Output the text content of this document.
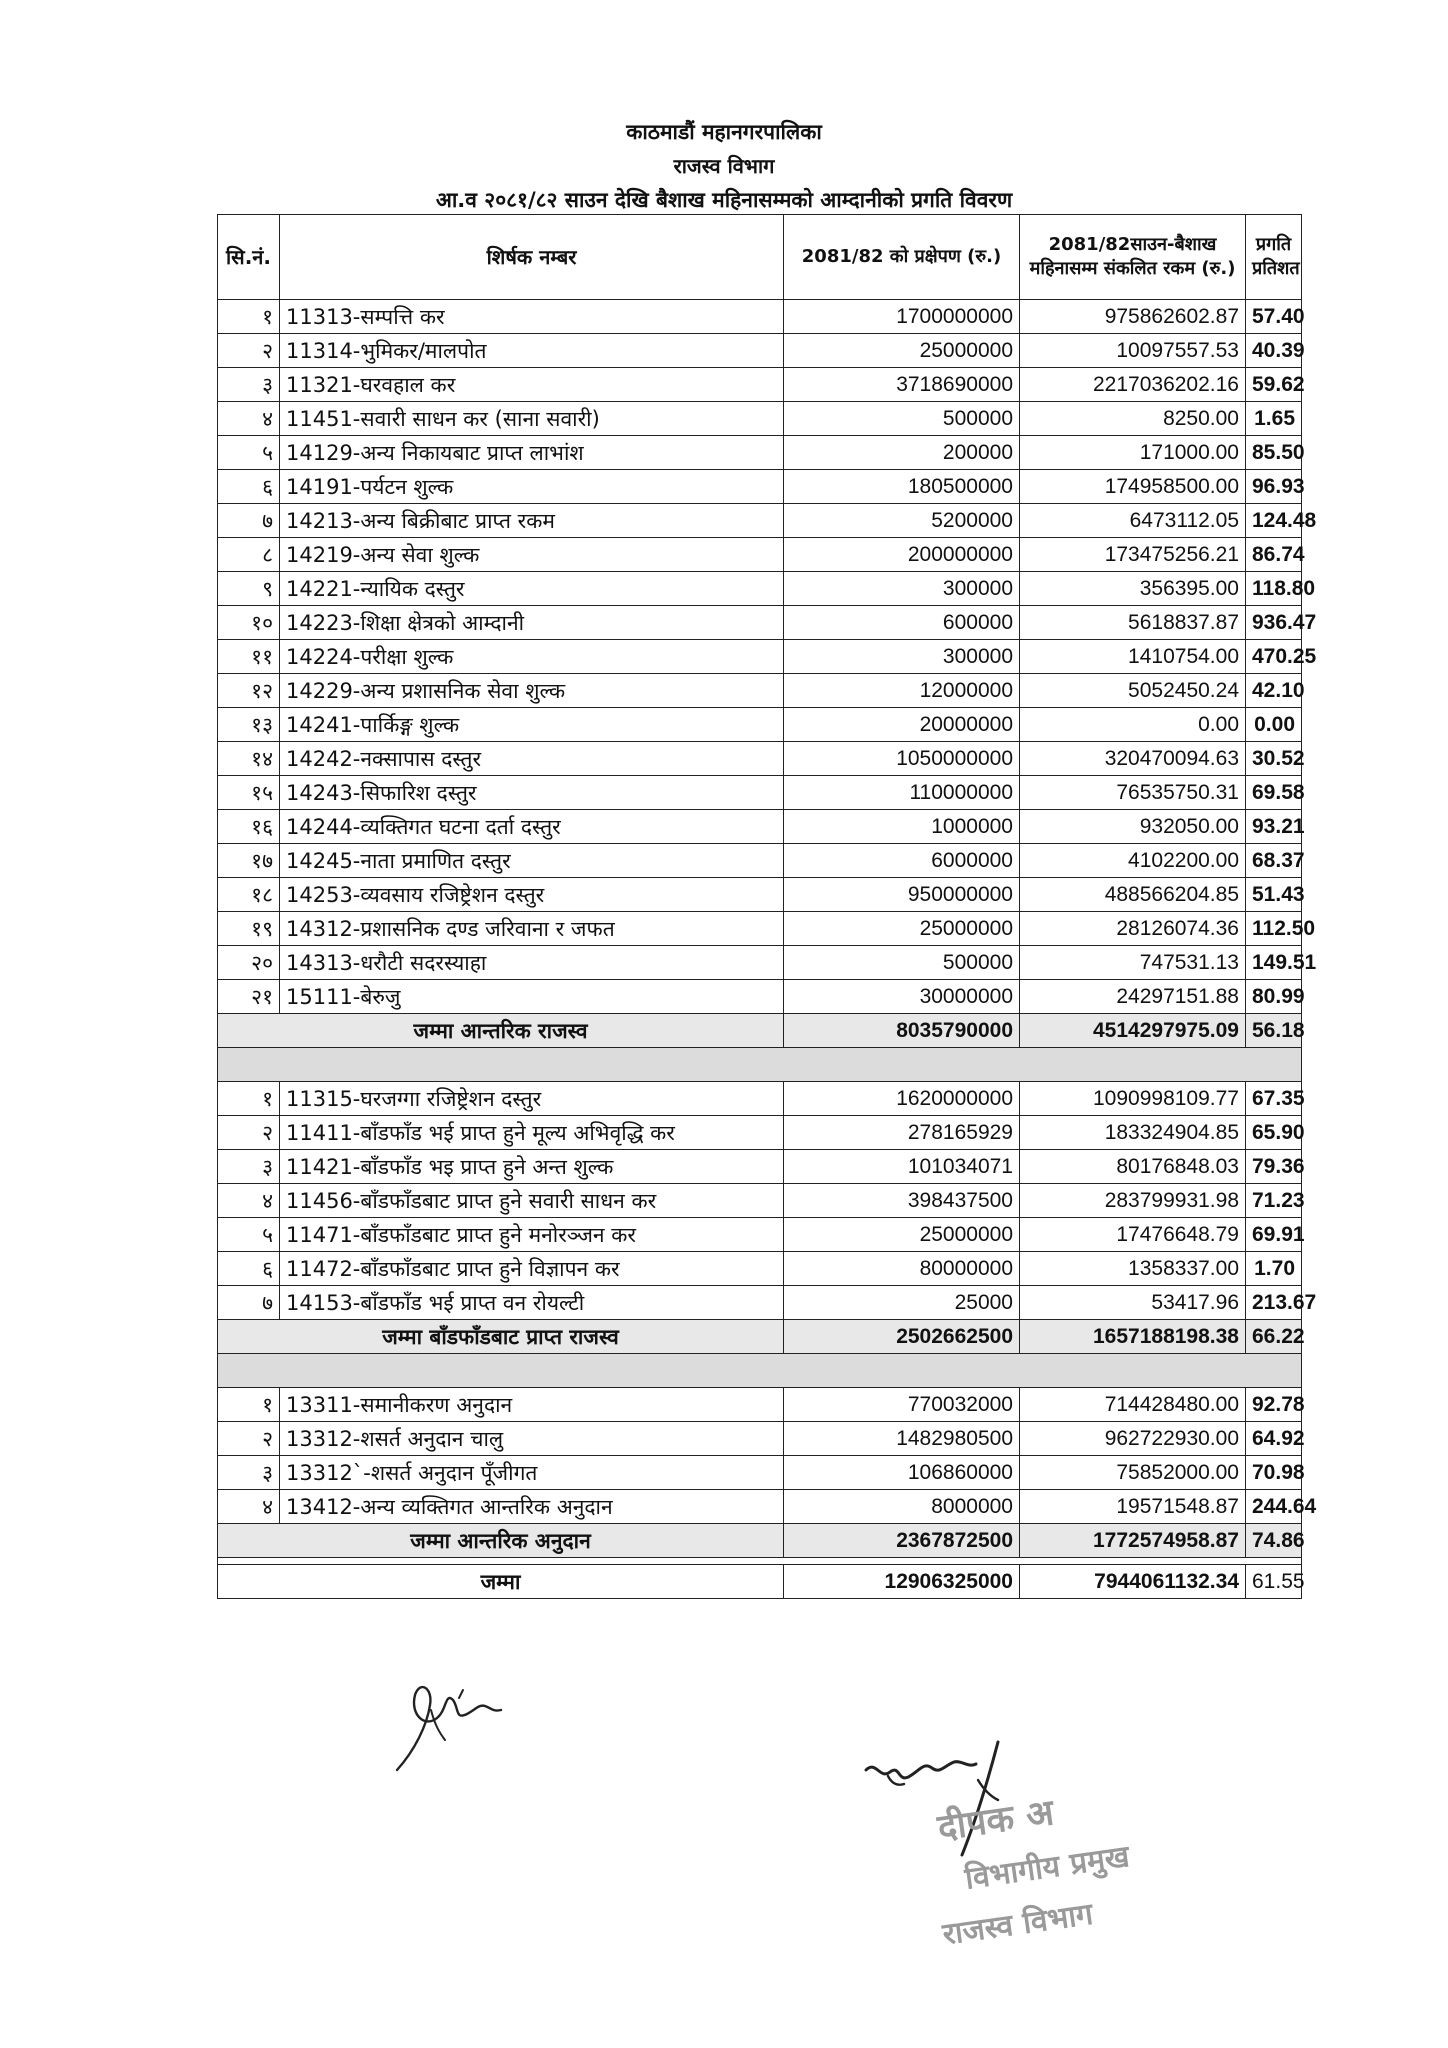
काठमाडौं महानगरपालिका
राजस्व विभाग
आ.व २०८१/८२ साउन देखि बैशाख महिनासम्मको आम्दानीको प्रगति विवरण
सि.नं.	शिर्षक नम्बर	2081/82 को प्रक्षेपण (रु.)	2081/82साउन-बैशाख महिनासम्म संकलित रकम (रु.)	प्रगति प्रतिशत
१	11313-सम्पत्ति कर	1700000000	975862602.87	57.40
२	11314-भुमिकर/मालपोत	25000000	10097557.53	40.39
३	11321-घरवहाल कर	3718690000	2217036202.16	59.62
४	11451-सवारी साधन कर (साना सवारी)	500000	8250.00	1.65
५	14129-अन्य निकायबाट प्राप्त लाभांश	200000	171000.00	85.50
६	14191-पर्यटन शुल्क	180500000	174958500.00	96.93
७	14213-अन्य बिक्रीबाट प्राप्त रकम	5200000	6473112.05	124.48
८	14219-अन्य सेवा शुल्क	200000000	173475256.21	86.74
९	14221-न्यायिक दस्तुर	300000	356395.00	118.80
१०	14223-शिक्षा क्षेत्रको आम्दानी	600000	5618837.87	936.47
११	14224-परीक्षा शुल्क	300000	1410754.00	470.25
१२	14229-अन्य प्रशासनिक सेवा शुल्क	12000000	5052450.24	42.10
१३	14241-पार्किङ्ग शुल्क	20000000	0.00	0.00
१४	14242-नक्सापास दस्तुर	1050000000	320470094.63	30.52
१५	14243-सिफारिश दस्तुर	110000000	76535750.31	69.58
१६	14244-व्यक्तिगत घटना दर्ता दस्तुर	1000000	932050.00	93.21
१७	14245-नाता प्रमाणित दस्तुर	6000000	4102200.00	68.37
१८	14253-व्यवसाय रजिष्ट्रेशन दस्तुर	950000000	488566204.85	51.43
१९	14312-प्रशासनिक दण्ड जरिवाना र जफत	25000000	28126074.36	112.50
२०	14313-धरौटी सदरस्याहा	500000	747531.13	149.51
२१	15111-बेरुजु	30000000	24297151.88	80.99
जम्मा आन्तरिक राजस्व		8035790000	4514297975.09	56.18

१	11315-घरजग्गा रजिष्ट्रेशन दस्तुर	1620000000	1090998109.77	67.35
२	11411-बाँडफाँड भई प्राप्त हुने मूल्य अभिवृद्धि कर	278165929	183324904.85	65.90
३	11421-बाँडफाँड भइ प्राप्त हुने अन्त शुल्क	101034071	80176848.03	79.36
४	11456-बाँडफाँडबाट प्राप्त हुने सवारी साधन कर	398437500	283799931.98	71.23
५	11471-बाँडफाँडबाट प्राप्त हुने मनोरञ्जन कर	25000000	17476648.79	69.91
६	11472-बाँडफाँडबाट प्राप्त हुने विज्ञापन कर	80000000	1358337.00	1.70
७	14153-बाँडफाँड भई प्राप्त वन रोयल्टी	25000	53417.96	213.67
जम्मा बाँडफाँडबाट प्राप्त राजस्व		2502662500	1657188198.38	66.22

१	13311-समानीकरण अनुदान	770032000	714428480.00	92.78
२	13312-शसर्त अनुदान चालु	1482980500	962722930.00	64.92
३	13312`-शसर्त अनुदान पूँजीगत	106860000	75852000.00	70.98
४	13412-अन्य व्यक्तिगत आन्तरिक अनुदान	8000000	19571548.87	244.64
जम्मा आन्तरिक अनुदान		2367872500	1772574958.87	74.86

जम्मा		12906325000	7944061132.34	61.55
दीपक अ
विभागीय प्रमुख
राजस्व विभाग
